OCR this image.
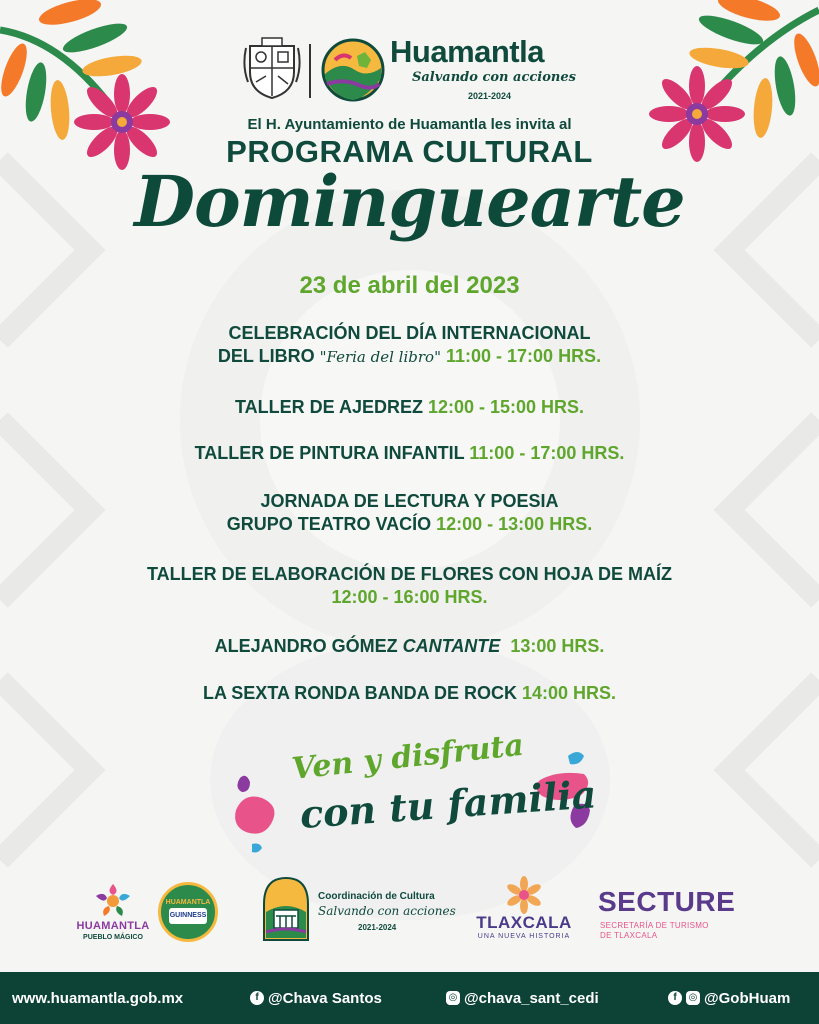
Huamantla
Salvando con acciones
2021-2024
El H. Ayuntamiento de Huamantla les invita al
PROGRAMA CULTURAL
Dominguearte
23 de abril del 2023
CELEBRACIÓN DEL DÍA INTERNACIONAL
DEL LIBRO "Feria del libro" 11:00 - 17:00 HRS.
TALLER DE AJEDREZ 12:00 - 15:00 HRS.
TALLER DE PINTURA INFANTIL 11:00 - 17:00 HRS.
JORNADA DE LECTURA Y POESIA
GRUPO TEATRO VACÍO 12:00 - 13:00 HRS.
TALLER DE ELABORACIÓN DE FLORES CON HOJA DE MAÍZ
12:00 - 16:00 HRS.
ALEJANDRO GÓMEZ CANTANTE  13:00 HRS.
LA SEXTA RONDA BANDA DE ROCK 14:00 HRS.
Ven y disfruta
con tu familia
HUAMANTLA
PUEBLO MÁGICO
HUAMANTLA
GUINNESS
Coordinación de Cultura
Salvando con acciones
2021-2024	TLAXCALA
UNA NUEVA HISTORIA
SECTURE
SECRETARÍA DE TURISMO
DE TLAXCALA
www.huamantla.gob.mx	f @Chava Santos	◎ @chava_sant_cedi	f	◎ @GobHuam
